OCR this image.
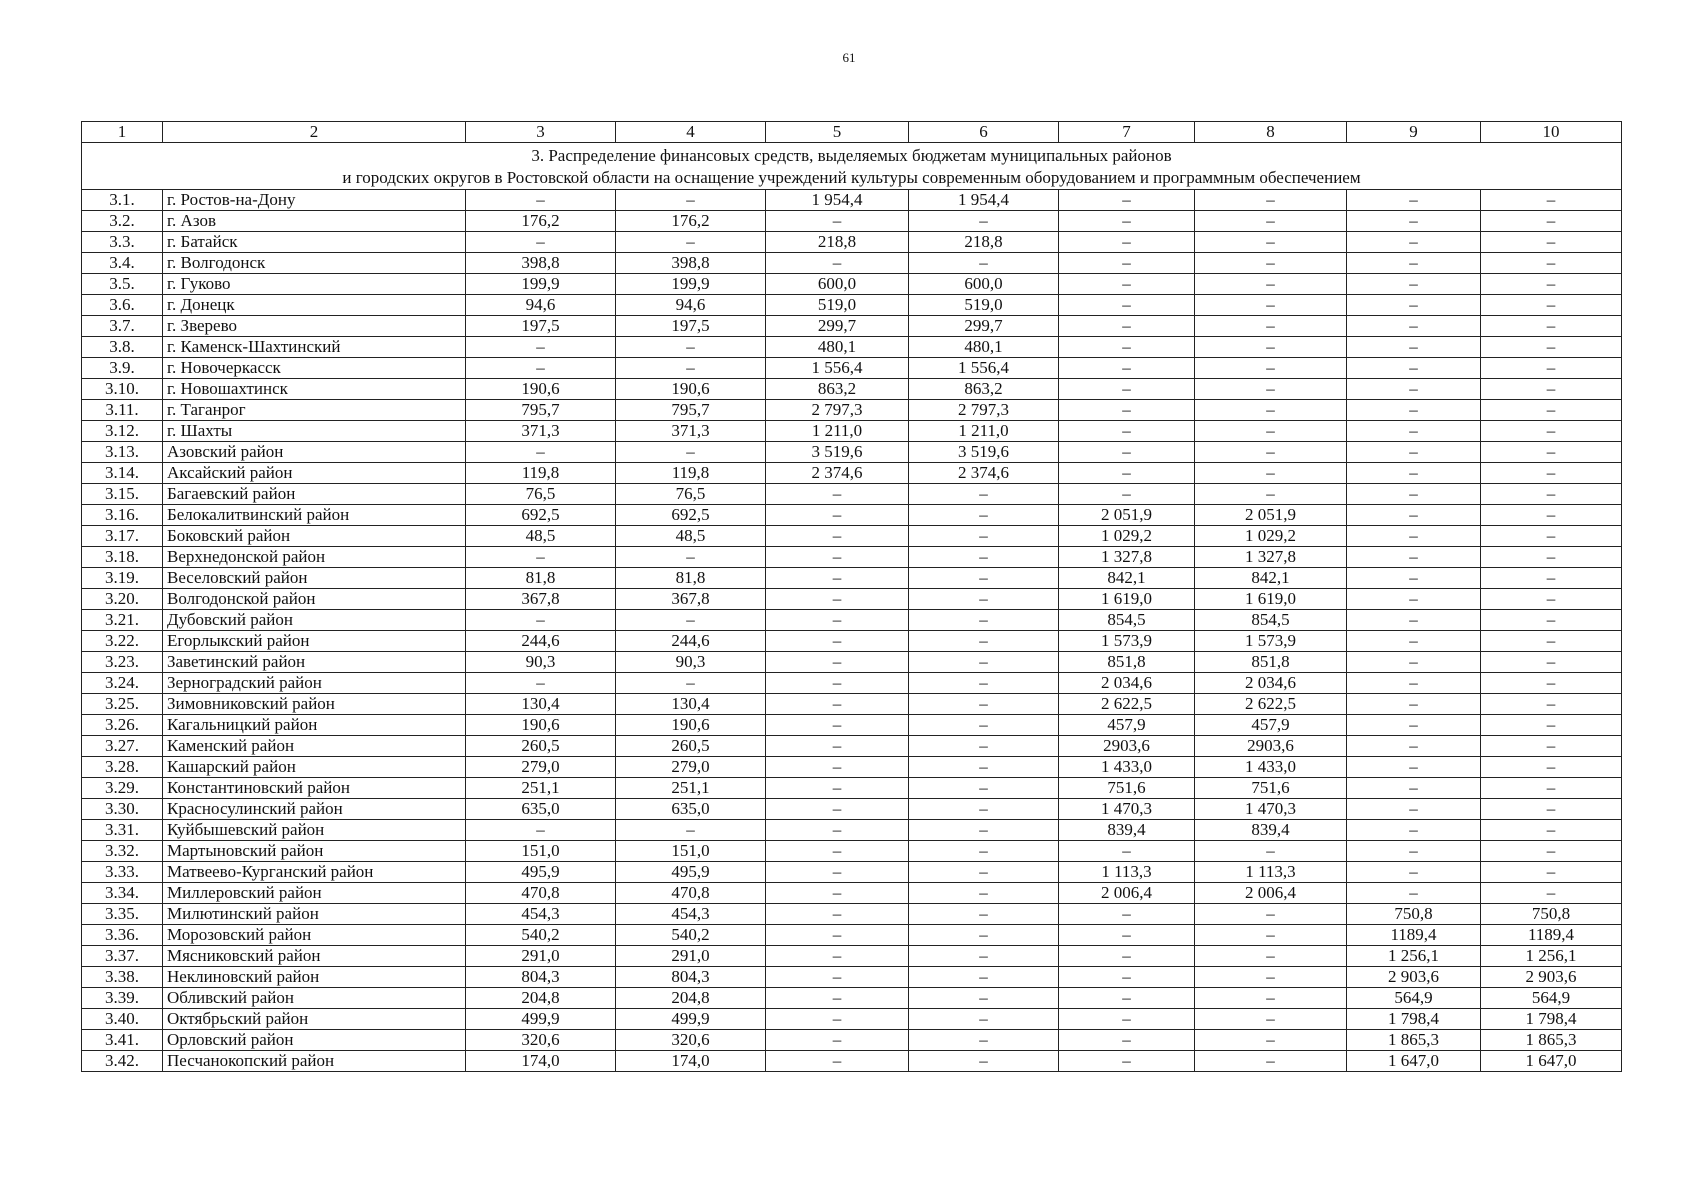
61
1	2	3	4	5	6	7	8	9	10

3. Распределение финансовых средств, выделяемых бюджетам муниципальных районов
и городских округов в Ростовской области на оснащение учреждений культуры современным оборудованием и программным обеспечением									

3.1.	г. Ростов-на-Дону	–	–	1 954,4	1 954,4	–	–	–	–
3.2.	г. Азов	176,2	176,2	–	–	–	–	–	–
3.3.	г. Батайск	–	–	218,8	218,8	–	–	–	–
3.4.	г. Волгодонск	398,8	398,8	–	–	–	–	–	–
3.5.	г. Гуково	199,9	199,9	600,0	600,0	–	–	–	–
3.6.	г. Донецк	94,6	94,6	519,0	519,0	–	–	–	–
3.7.	г. Зверево	197,5	197,5	299,7	299,7	–	–	–	–
3.8.	г. Каменск-Шахтинский	–	–	480,1	480,1	–	–	–	–
3.9.	г. Новочеркасск	–	–	1 556,4	1 556,4	–	–	–	–
3.10.	г. Новошахтинск	190,6	190,6	863,2	863,2	–	–	–	–
3.11.	г. Таганрог	795,7	795,7	2 797,3	2 797,3	–	–	–	–
3.12.	г. Шахты	371,3	371,3	1 211,0	1 211,0	–	–	–	–
3.13.	Азовский район	–	–	3 519,6	3 519,6	–	–	–	–
3.14.	Аксайский район	119,8	119,8	2 374,6	2 374,6	–	–	–	–
3.15.	Багаевский район	76,5	76,5	–	–	–	–	–	–
3.16.	Белокалитвинский район	692,5	692,5	–	–	2 051,9	2 051,9	–	–
3.17.	Боковский район	48,5	48,5	–	–	1 029,2	1 029,2	–	–
3.18.	Верхнедонской район	–	–	–	–	1 327,8	1 327,8	–	–
3.19.	Веселовский район	81,8	81,8	–	–	842,1	842,1	–	–
3.20.	Волгодонской район	367,8	367,8	–	–	1 619,0	1 619,0	–	–
3.21.	Дубовский район	–	–	–	–	854,5	854,5	–	–
3.22.	Егорлыкский район	244,6	244,6	–	–	1 573,9	1 573,9	–	–
3.23.	Заветинский район	90,3	90,3	–	–	851,8	851,8	–	–
3.24.	Зерноградский район	–	–	–	–	2 034,6	2 034,6	–	–
3.25.	Зимовниковский район	130,4	130,4	–	–	2 622,5	2 622,5	–	–
3.26.	Кагальницкий район	190,6	190,6	–	–	457,9	457,9	–	–
3.27.	Каменский район	260,5	260,5	–	–	2903,6	2903,6	–	–
3.28.	Кашарский район	279,0	279,0	–	–	1 433,0	1 433,0	–	–
3.29.	Константиновский район	251,1	251,1	–	–	751,6	751,6	–	–
3.30.	Красносулинский район	635,0	635,0	–	–	1 470,3	1 470,3	–	–
3.31.	Куйбышевский район	–	–	–	–	839,4	839,4	–	–
3.32.	Мартыновский район	151,0	151,0	–	–	–	–	–	–
3.33.	Матвеево-Курганский район	495,9	495,9	–	–	1 113,3	1 113,3	–	–
3.34.	Миллеровский район	470,8	470,8	–	–	2 006,4	2 006,4	–	–
3.35.	Милютинский район	454,3	454,3	–	–	–	–	750,8	750,8
3.36.	Морозовский район	540,2	540,2	–	–	–	–	1189,4	1189,4
3.37.	Мясниковский район	291,0	291,0	–	–	–	–	1 256,1	1 256,1
3.38.	Неклиновский район	804,3	804,3	–	–	–	–	2 903,6	2 903,6
3.39.	Обливский район	204,8	204,8	–	–	–	–	564,9	564,9
3.40.	Октябрьский район	499,9	499,9	–	–	–	–	1 798,4	1 798,4
3.41.	Орловский район	320,6	320,6	–	–	–	–	1 865,3	1 865,3
3.42.	Песчанокопский район	174,0	174,0	–	–	–	–	1 647,0	1 647,0
